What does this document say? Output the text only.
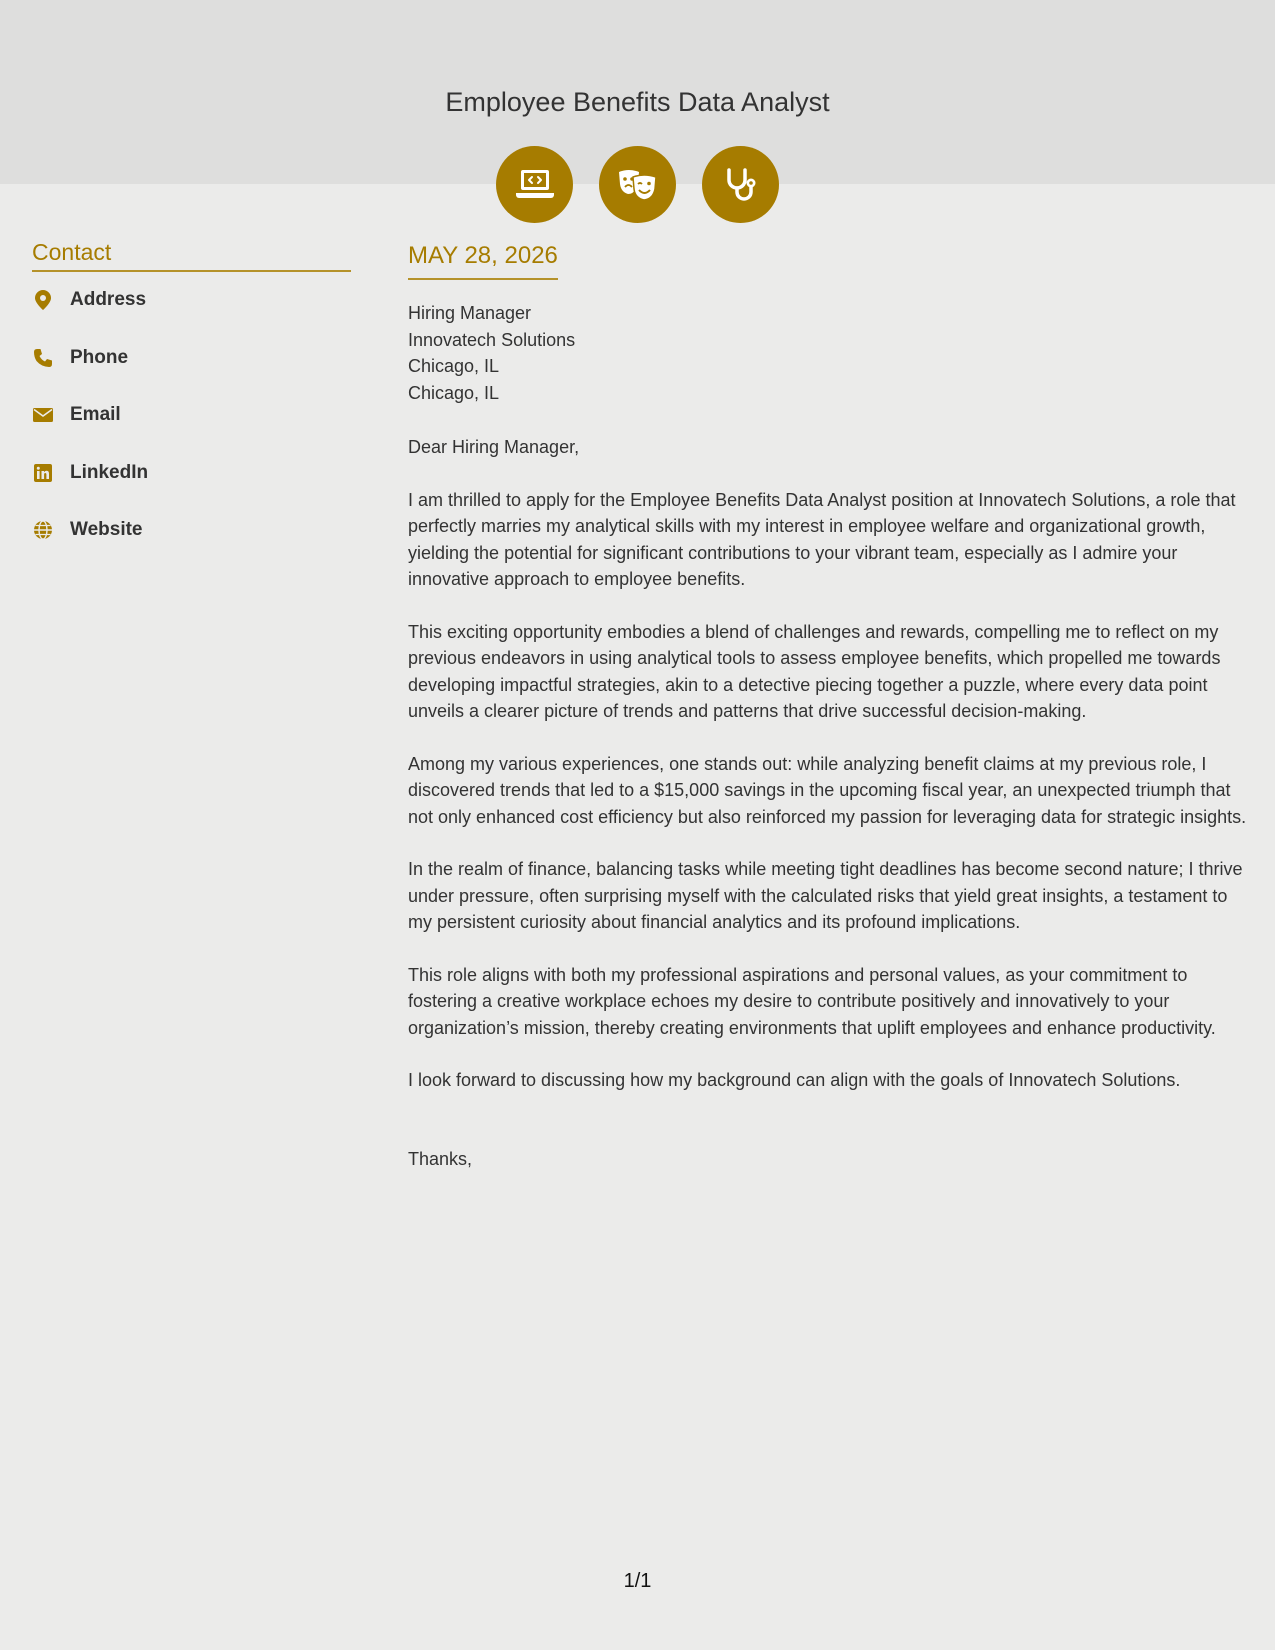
Employee Benefits Data Analyst
Contact
Address
Phone
Email
LinkedIn
Website
MAY 28, 2026
Hiring Manager
Innovatech Solutions
Chicago, IL
Chicago, IL
Dear Hiring Manager,
I am thrilled to apply for the Employee Benefits Data Analyst position at Innovatech Solutions, a role that perfectly marries my analytical skills with my interest in employee welfare and organizational growth, yielding the potential for significant contributions to your vibrant team, especially as I admire your innovative approach to employee benefits.
This exciting opportunity embodies a blend of challenges and rewards, compelling me to reflect on my previous endeavors in using analytical tools to assess employee benefits, which propelled me towards developing impactful strategies, akin to a detective piecing together a puzzle, where every data point unveils a clearer picture of trends and patterns that drive successful decision-making.
Among my various experiences, one stands out: while analyzing benefit claims at my previous role, I discovered trends that led to a $15,000 savings in the upcoming fiscal year, an unexpected triumph that not only enhanced cost efficiency but also reinforced my passion for leveraging data for strategic insights.
In the realm of finance, balancing tasks while meeting tight deadlines has become second nature; I thrive under pressure, often surprising myself with the calculated risks that yield great insights, a testament to my persistent curiosity about financial analytics and its profound implications.
This role aligns with both my professional aspirations and personal values, as your commitment to fostering a creative workplace echoes my desire to contribute positively and innovatively to your organization’s mission, thereby creating environments that uplift employees and enhance productivity.
I look forward to discussing how my background can align with the goals of Innovatech Solutions.
Thanks,
1/1
